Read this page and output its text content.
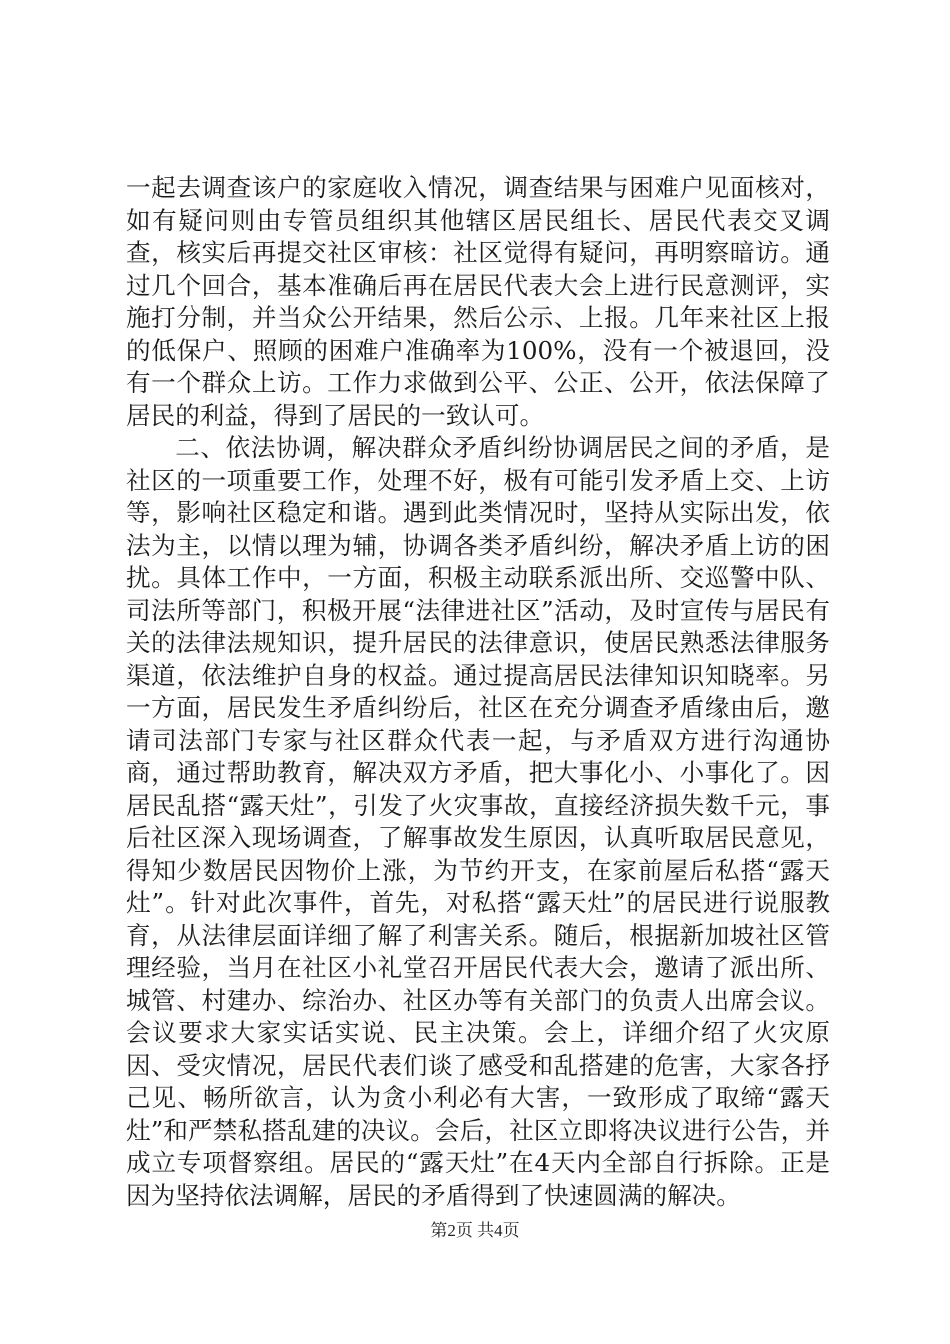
一起去调查该户的家庭收入情况，调查结果与困难户见面核对，如有疑问则由专管员组织其他辖区居民组长、居民代表交叉调查，核实后再提交社区审核：社区觉得有疑问，再明察暗访。通过几个回合，基本准确后再在居民代表大会上进行民意测评，实施打分制，并当众公开结果，然后公示、上报。几年来社区上报的低保户、照顾的困难户准确率为100%，没有一个被退回，没有一个群众上访。工作力求做到公平、公正、公开，依法保障了居民的利益，得到了居民的一致认可。

二、依法协调，解决群众矛盾纠纷协调居民之间的矛盾，是社区的一项重要工作，处理不好，极有可能引发矛盾上交、上访等，影响社区稳定和谐。遇到此类情况时，坚持从实际出发，依法为主，以情以理为辅，协调各类矛盾纠纷，解决矛盾上访的困扰。具体工作中，一方面，积极主动联系派出所、交巡警中队、司法所等部门，积极开展“法律进社区”活动，及时宣传与居民有关的法律法规知识，提升居民的法律意识，使居民熟悉法律服务渠道，依法维护自身的权益。通过提高居民法律知识知晓率。另一方面，居民发生矛盾纠纷后，社区在充分调查矛盾缘由后，邀请司法部门专家与社区群众代表一起，与矛盾双方进行沟通协商，通过帮助教育，解决双方矛盾，把大事化小、小事化了。因居民乱搭“露天灶”，引发了火灾事故，直接经济损失数千元，事后社区深入现场调查，了解事故发生原因，认真听取居民意见，得知少数居民因物价上涨，为节约开支，在家前屋后私搭“露天灶”。针对此次事件，首先，对私搭“露天灶”的居民进行说服教育，从法律层面详细了解了利害关系。随后，根据新加坡社区管理经验，当月在社区小礼堂召开居民代表大会，邀请了派出所、城管、村建办、综治办、社区办等有关部门的负责人出席会议。会议要求大家实话实说、民主决策。会上，详细介绍了火灾原因、受灾情况，居民代表们谈了感受和乱搭建的危害，大家各抒己见、畅所欲言，认为贪小利必有大害，一致形成了取缔“露天灶”和严禁私搭乱建的决议。会后，社区立即将决议进行公告，并成立专项督察组。居民的“露天灶”在4天内全部自行拆除。正是因为坚持依法调解，居民的矛盾得到了快速圆满的解决。

第2页 共4页
